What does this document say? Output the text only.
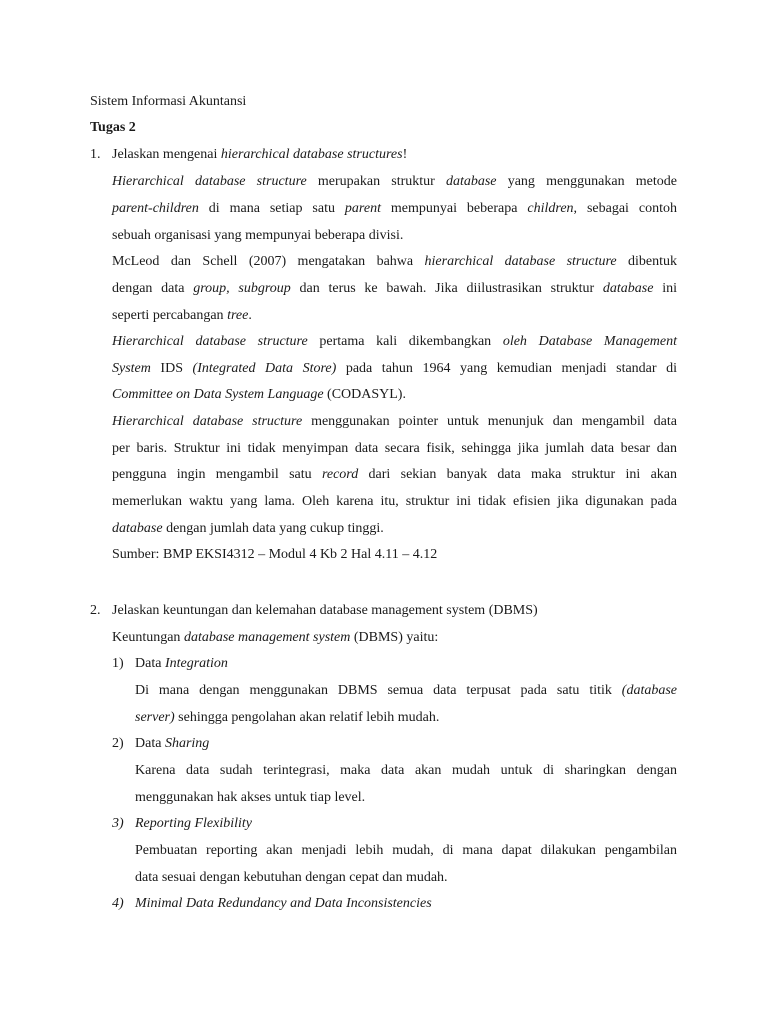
Sistem Informasi Akuntansi
Tugas 2
1. Jelaskan mengenai hierarchical database structures!
Hierarchical database structure merupakan struktur database yang menggunakan metode
parent-children di mana setiap satu parent mempunyai beberapa children, sebagai contoh
sebuah organisasi yang mempunyai beberapa divisi.
McLeod dan Schell (2007) mengatakan bahwa hierarchical database structure dibentuk
dengan data group, subgroup dan terus ke bawah. Jika diilustrasikan struktur database ini
seperti percabangan tree.
Hierarchical database structure pertama kali dikembangkan oleh Database Management
System IDS (Integrated Data Store) pada tahun 1964 yang kemudian menjadi standar di
Committee on Data System Language (CODASYL).
Hierarchical database structure menggunakan pointer untuk menunjuk dan mengambil data
per baris. Struktur ini tidak menyimpan data secara fisik, sehingga jika jumlah data besar dan
pengguna ingin mengambil satu record dari sekian banyak data maka struktur ini akan
memerlukan waktu yang lama. Oleh karena itu, struktur ini tidak efisien jika digunakan pada
database dengan jumlah data yang cukup tinggi.
Sumber: BMP EKSI4312 – Modul 4 Kb 2 Hal 4.11 – 4.12
2. Jelaskan keuntungan dan kelemahan database management system (DBMS)
Keuntungan database management system (DBMS) yaitu:
1) Data Integration
Di mana dengan menggunakan DBMS semua data terpusat pada satu titik (database
server) sehingga pengolahan akan relatif lebih mudah.
2) Data Sharing
Karena data sudah terintegrasi, maka data akan mudah untuk di sharingkan dengan
menggunakan hak akses untuk tiap level.
3) Reporting Flexibility
Pembuatan reporting akan menjadi lebih mudah, di mana dapat dilakukan pengambilan
data sesuai dengan kebutuhan dengan cepat dan mudah.
4) Minimal Data Redundancy and Data Inconsistencies
